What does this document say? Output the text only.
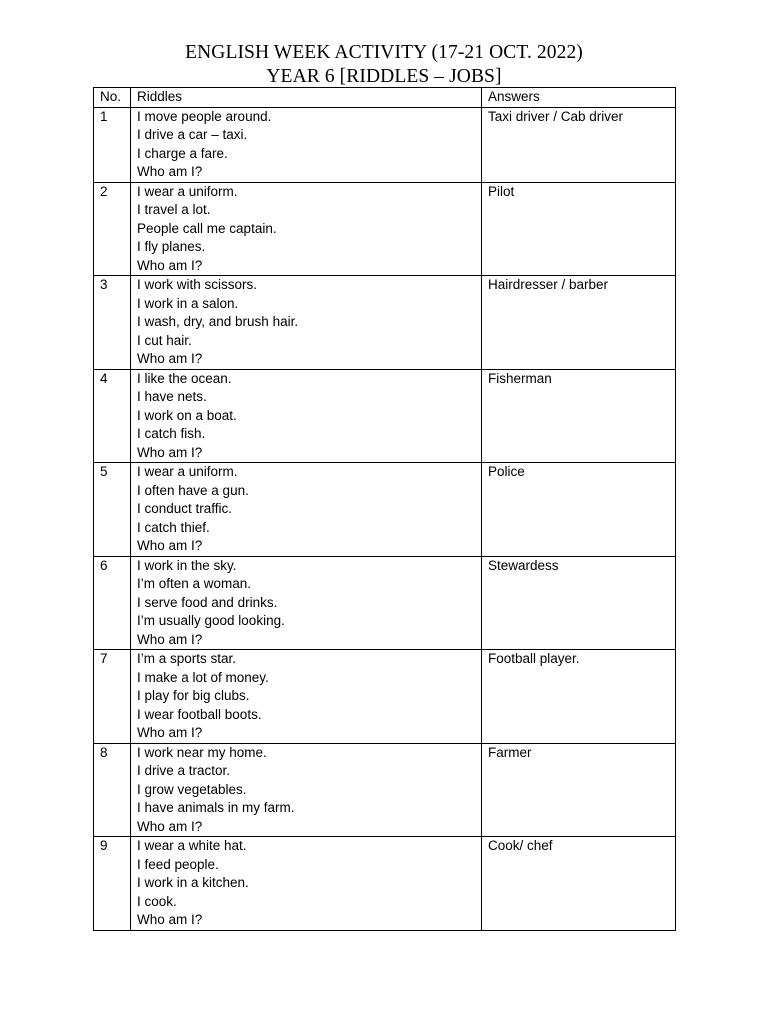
ENGLISH WEEK ACTIVITY (17-21 OCT. 2022)
YEAR 6 [RIDDLES – JOBS]
No.	Riddles	Answers
1	I move people around.
I drive a car – taxi.
I charge a fare.
Who am I?	Taxi driver / Cab driver
2	I wear a uniform.
I travel a lot.
People call me captain.
I fly planes.
Who am I?	Pilot
3	I work with scissors.
I work in a salon.
I wash, dry, and brush hair.
I cut hair.
Who am I?	Hairdresser / barber
4	I like the ocean.
I have nets.
I work on a boat.
I catch fish.
Who am I?	Fisherman
5	I wear a uniform.
I often have a gun.
I conduct traffic.
I catch thief.
Who am I?	Police
6	I work in the sky.
I’m often a woman.
I serve food and drinks.
I’m usually good looking.
Who am I?	Stewardess
7	I’m a sports star.
I make a lot of money.
I play for big clubs.
I wear football boots.
Who am I?	Football player.
8	I work near my home.
I drive a tractor.
I grow vegetables.
I have animals in my farm.
Who am I?	Farmer
9	I wear a white hat.
I feed people.
I work in a kitchen.
I cook.
Who am I?	Cook/ chef
